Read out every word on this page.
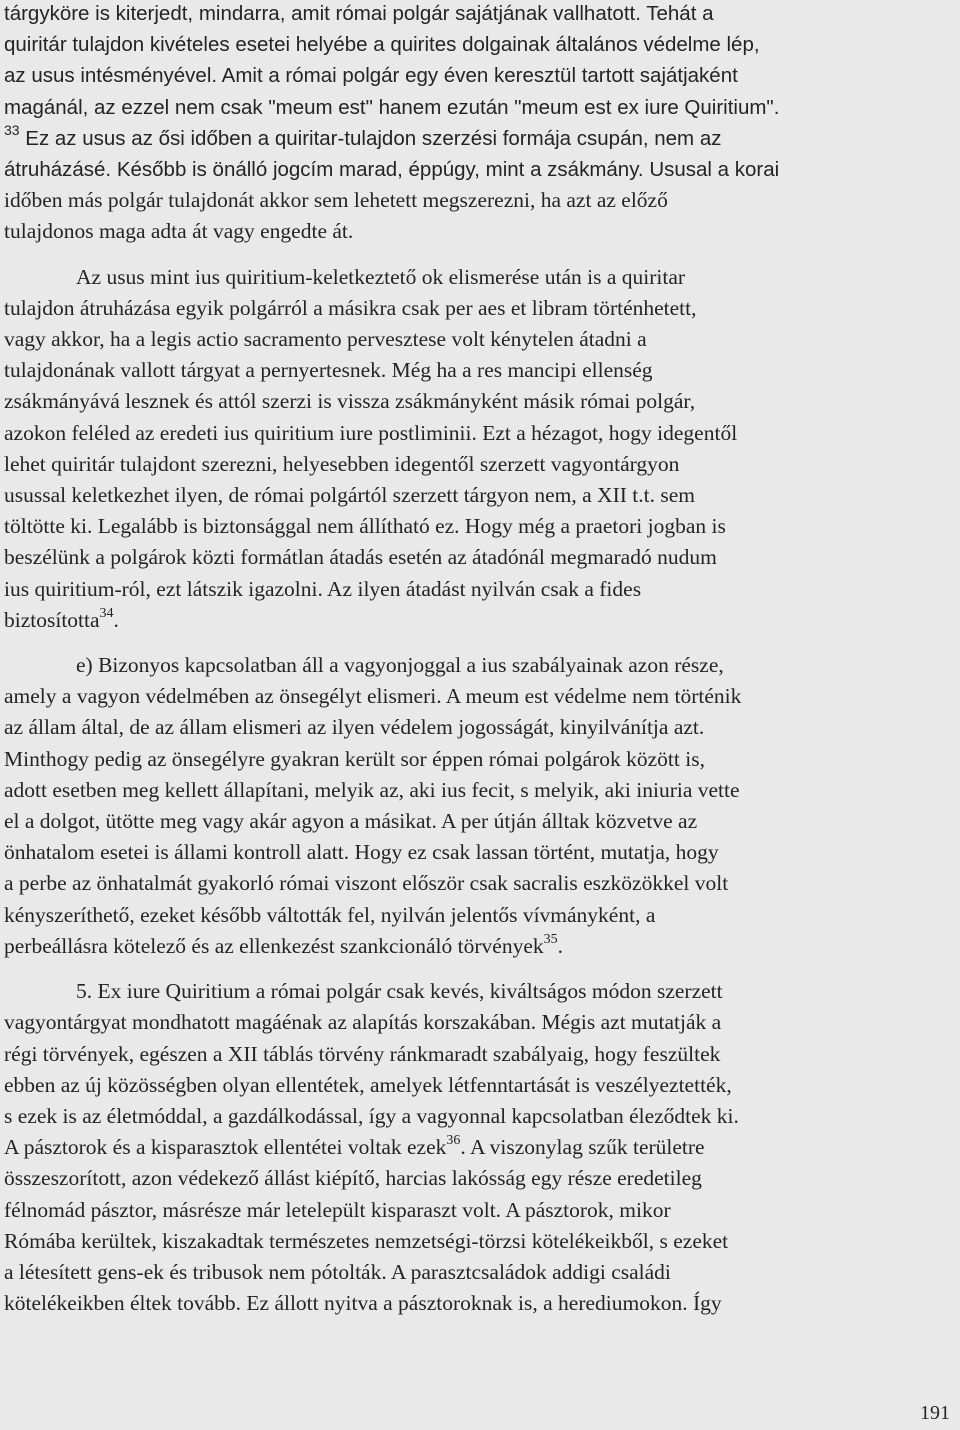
tárgyköre is kiterjedt, mindarra, amit római polgár sajátjának vallhatott. Tehát a
quiritár tulajdon kivételes esetei helyébe a quirites dolgainak általános védelme lép,
az usus intésményével. Amit a római polgár egy éven keresztül tartott sajátjaként
magánál, az ezzel nem csak "meum est" hanem ezután "meum est ex iure Quiritium".
$^{33}$ Ez az usus az ősi időben a quiritar-tulajdon szerzési formája csupán, nem az
átruházásé. Később is önálló jogcím marad, éppúgy, mint a zsákmány. Ususal a korai
időben más polgár tulajdonát akkor sem lehetett megszerezni, ha azt az előző
tulajdonos maga adta át vagy engedte át.
Az usus mint ius quiritium-keletkeztető ok elismerése után is a quiritar
tulajdon átruházása egyik polgárról a másikra csak per aes et libram történhetett,
vagy akkor, ha a legis actio sacramento pervesztese volt kénytelen átadni a
tulajdonának vallott tárgyat a pernyertesnek. Még ha a res mancipi ellenség
zsákmányává lesznek és attól szerzi is vissza zsákmányként másik római polgár,
azokon feléled az eredeti ius quiritium iure postliminii. Ezt a hézagot, hogy idegentől
lehet quiritár tulajdont szerezni, helyesebben idegentől szerzett vagyontárgyon
usussal keletkezhet ilyen, de római polgártól szerzett tárgyon nem, a XII t.t. sem
töltötte ki. Legalább is biztonsággal nem állítható ez. Hogy még a praetori jogban is
beszélünk a polgárok közti formátlan átadás esetén az átadónál megmaradó nudum
ius quiritium-ról, ezt látszik igazolni. Az ilyen átadást nyilván csak a fides
biztosította$^{34}$.
e) Bizonyos kapcsolatban áll a vagyonjoggal a ius szabályainak azon része,
amely a vagyon védelmében az önsegélyt elismeri. A meum est védelme nem történik
az állam által, de az állam elismeri az ilyen védelem jogosságát, kinyilvánítja azt.
Minthogy pedig az önsegélyre gyakran került sor éppen római polgárok között is,
adott esetben meg kellett állapítani, melyik az, aki ius fecit, s melyik, aki iniuria vette
el a dolgot, ütötte meg vagy akár agyon a másikat. A per útján álltak közvetve az
önhatalom esetei is állami kontroll alatt. Hogy ez csak lassan történt, mutatja, hogy
a perbe az önhatalmát gyakorló római viszont először csak sacralis eszközökkel volt
kényszeríthető, ezeket később váltották fel, nyilván jelentős vívmányként, a
perbeállásra kötelező és az ellenkezést szankcionáló törvények$^{35}$.
5. Ex iure Quiritium a római polgár csak kevés, kiváltságos módon szerzett
vagyontárgyat mondhatott magáénak az alapítás korszakában. Mégis azt mutatják a
régi törvények, egészen a XII táblás törvény ránkmaradt szabályaig, hogy feszültek
ebben az új közösségben olyan ellentétek, amelyek létfenntartását is veszélyeztették,
s ezek is az életmóddal, a gazdálkodással, így a vagyonnal kapcsolatban éleződtek ki.
A pásztorok és a kisparasztok ellentétei voltak ezek$^{36}$. A viszonylag szűk területre
összeszorított, azon védekező állást kiépítő, harcias lakósság egy része eredetileg
félnomád pásztor, másrésze már letelepült kisparaszt volt. A pásztorok, mikor
Rómába kerültek, kiszakadtak természetes nemzetségi-törzsi kötelékeikből, s ezeket
a létesített gens-ek és tribusok nem pótolták. A parasztcsaládok addigi családi
kötelékeikben éltek tovább. Ez állott nyitva a pásztoroknak is, a herediumokon. Így
191
